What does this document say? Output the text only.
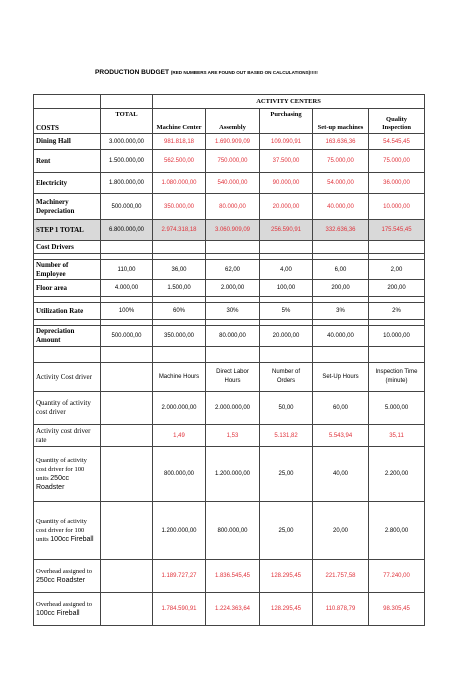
PRODUCTION BUDGET (RED NUMBERS ARE FOUND OUT BASED ON CALCULATIONS)!!!!!
		ACTIVITY CENTERS				
COSTS	TOTAL	Machine Center	Assembly	Purchasing	Set-up machines	Quality Inspection
Dining Hall	3.000.000,00	981.818,18	1.690.909,09	109.090,91	163.636,36	54.545,45
Rent	1.500.000,00	562.500,00	750.000,00	37.500,00	75.000,00	75.000,00
Electricity	1.800.000,00	1.080.000,00	540.000,00	90.000,00	54.000,00	36.000,00
Machinery Depreciation	500.000,00	350.000,00	80.000,00	20.000,00	40.000,00	10.000,00
STEP 1 TOTAL	6.800.000,00	2.974.318,18	3.060.909,09	256.590,91	332.636,36	175.545,45
Cost Drivers						

Number of Employee	110,00	36,00	62,00	4,00	6,00	2,00
Floor area	4.000,00	1.500,00	2.000,00	100,00	200,00	200,00

Utilization Rate	100%	60%	30%	5%	3%	2%

Depreciation Amount	500.000,00	350.000,00	80.000,00	20.000,00	40.000,00	10.000,00

Activity Cost driver		Machine Hours	Direct Labor Hours	Number of Orders	Set-Up Hours	Inspection Time (minute)
Quantity of activity cost driver		2.000.000,00	2.000.000,00	50,00	60,00	5.000,00
Activity cost driver rate		1,49	1,53	5.131,82	5.543,94	35,11
Quantity of activity cost driver for 100 units 250cc Roadster		800.000,00	1.200.000,00	25,00	40,00	2.200,00
Quantity of activity cost driver for 100 units 100cc Fireball		1.200.000,00	800.000,00	25,00	20,00	2.800,00
Overhead assigned to 250cc Roadster		1.189.727,27	1.836.545,45	128.295,45	221.757,58	77.240,00
Overhead assigned to 100cc Fireball		1.784.590,91	1.224.363,64	128.295,45	110.878,79	98.305,45
